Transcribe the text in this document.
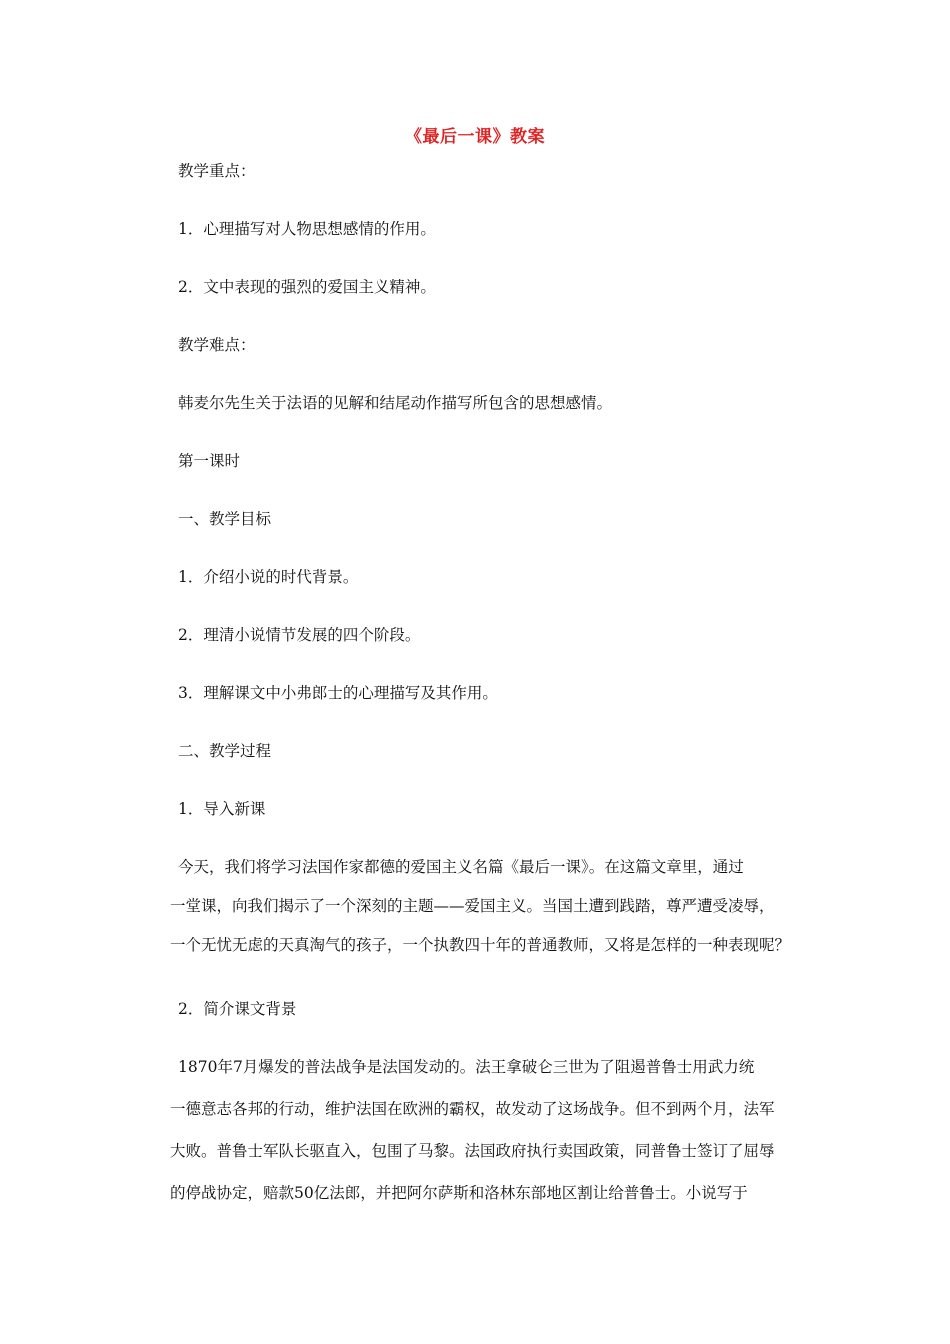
《最后一课》教案
教学重点：
1．心理描写对人物思想感情的作用。
2．文中表现的强烈的爱国主义精神。
教学难点：
韩麦尔先生关于法语的见解和结尾动作描写所包含的思想感情。
第一课时
一、教学目标
1．介绍小说的时代背景。
2．理清小说情节发展的四个阶段。
3．理解课文中小弗郎士的心理描写及其作用。
二、教学过程
1．导入新课
今天，我们将学习法国作家都德的爱国主义名篇《最后一课》。在这篇文章里，通过
一堂课，向我们揭示了一个深刻的主题——爱国主义。当国土遭到践踏，尊严遭受凌辱，
一个无忧无虑的天真淘气的孩子，一个执教四十年的普通教师，又将是怎样的一种表现呢？
2．简介课文背景
1870年7月爆发的普法战争是法国发动的。法王拿破仑三世为了阻遏普鲁士用武力统
一德意志各邦的行动，维护法国在欧洲的霸权，故发动了这场战争。但不到两个月，法军
大败。普鲁士军队长驱直入，包围了马黎。法国政府执行卖国政策，同普鲁士签订了屈辱
的停战协定，赔款50亿法郎，并把阿尔萨斯和洛林东部地区割让给普鲁士。小说写于
